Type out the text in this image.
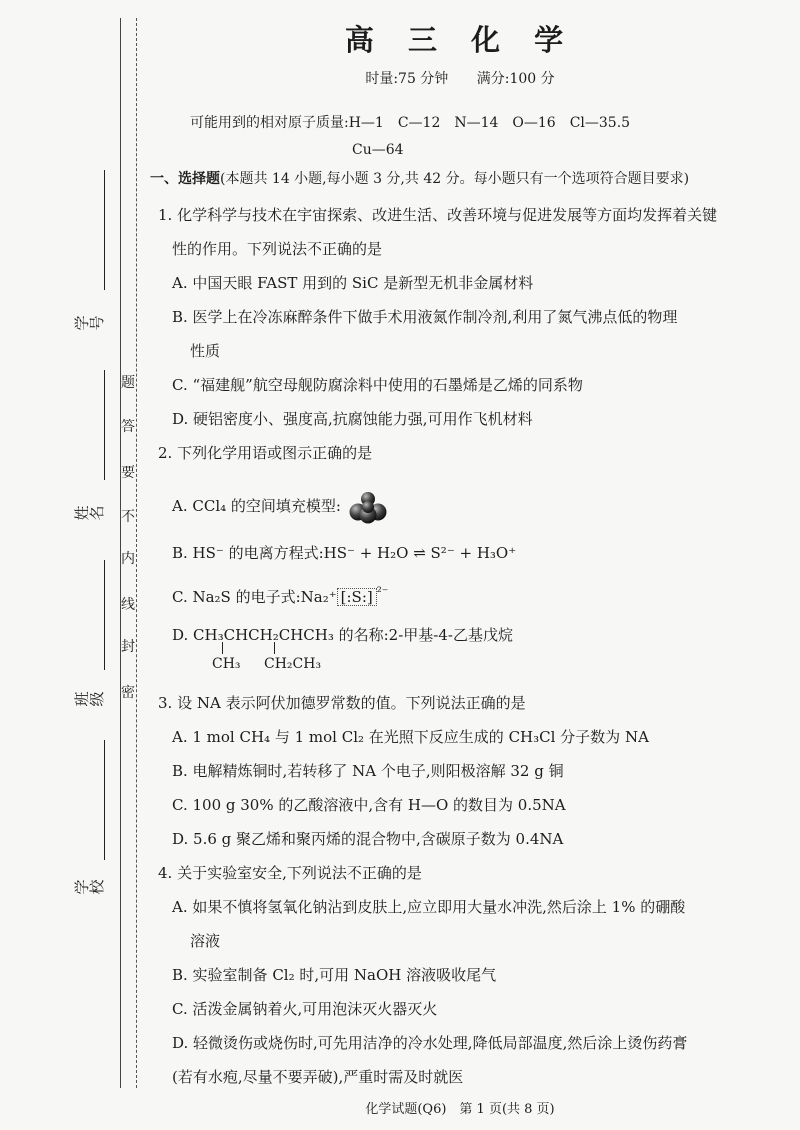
密
封
线
内
不
要
答
题
学　号
姓　名
班　级
学　校
高 三 化 学
时量:75 分钟 满分:100 分
可能用到的相对原子质量:H—1　C—12　N—14　O—16　Cl—35.5
Cu—64
一、选择题(本题共 14 小题,每小题 3 分,共 42 分。每小题只有一个选项符合题目要求)
1. 化学科学与技术在宇宙探索、改进生活、改善环境与促进发展等方面均发挥着关键
性的作用。下列说法不正确的是
A. 中国天眼 FAST 用到的 SiC 是新型无机非金属材料
B. 医学上在冷冻麻醉条件下做手术用液氮作制冷剂,利用了氮气沸点低的物理
性质
C. “福建舰”航空母舰防腐涂料中使用的石墨烯是乙烯的同系物
D. 硬铝密度小、强度高,抗腐蚀能力强,可用作飞机材料
2. 下列化学用语或图示正确的是
A. CCl₄ 的空间填充模型:
B. HS⁻ 的电离方程式:HS⁻ + H₂O ⇌ S²⁻ + H₃O⁺
C. Na₂S 的电子式:Na₂⁺ [:S:] $^{^{2-}}$
D. CH₃CHCH₂CHCH₃ 的名称:2-甲基-4-乙基戊烷
CH₃ CH₂CH₃
3. 设 NA 表示阿伏加德罗常数的值。下列说法正确的是
A. 1 mol CH₄ 与 1 mol Cl₂ 在光照下反应生成的 CH₃Cl 分子数为 NA
B. 电解精炼铜时,若转移了 NA 个电子,则阳极溶解 32 g 铜
C. 100 g 30% 的乙酸溶液中,含有 H—O 的数目为 0.5NA
D. 5.6 g 聚乙烯和聚丙烯的混合物中,含碳原子数为 0.4NA
4. 关于实验室安全,下列说法不正确的是
A. 如果不慎将氢氧化钠沾到皮肤上,应立即用大量水冲洗,然后涂上 1% 的硼酸
溶液
B. 实验室制备 Cl₂ 时,可用 NaOH 溶液吸收尾气
C. 活泼金属钠着火,可用泡沫灭火器灭火
D. 轻微烫伤或烧伤时,可先用洁净的冷水处理,降低局部温度,然后涂上烫伤药膏
(若有水疱,尽量不要弄破),严重时需及时就医
化学试题(Q6)　第 1 页(共 8 页)
